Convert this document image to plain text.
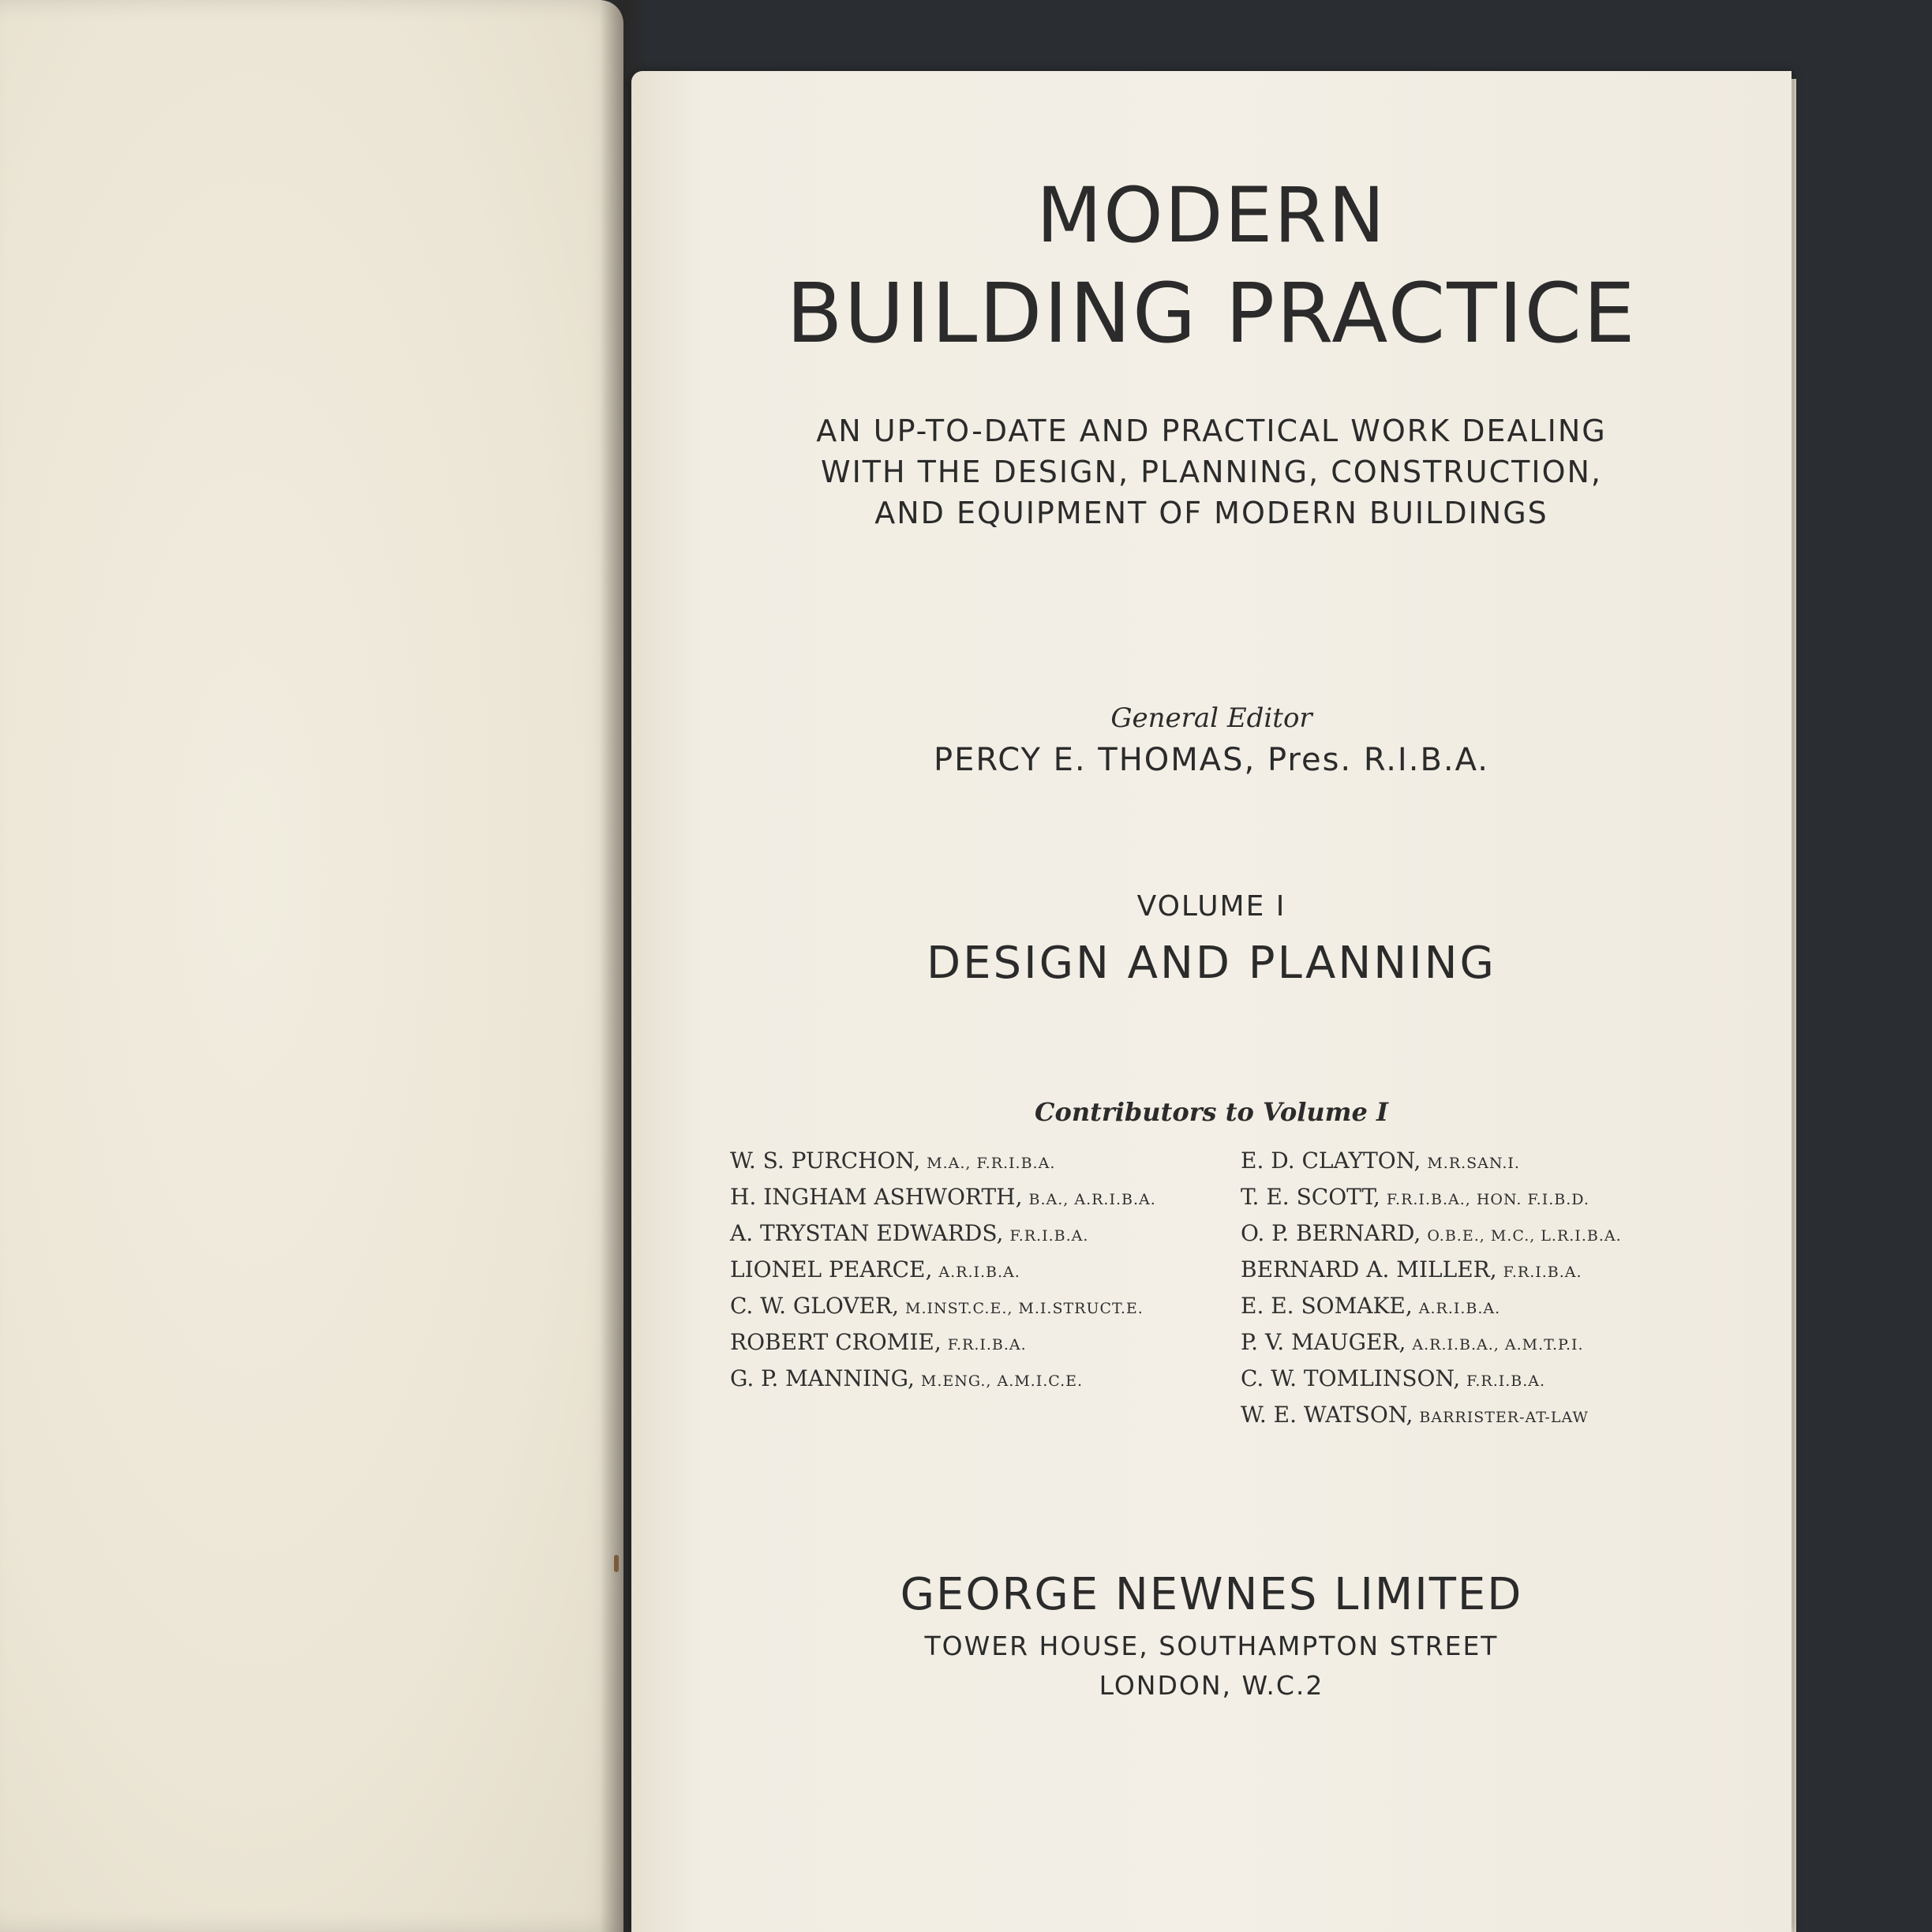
MODERN
BUILDING PRACTICE
AN UP-TO-DATE AND PRACTICAL WORK DEALING
WITH THE DESIGN, PLANNING, CONSTRUCTION,
AND EQUIPMENT OF MODERN BUILDINGS
General Editor
PERCY E. THOMAS, Pres. R.I.B.A.
VOLUME I
DESIGN AND PLANNING
Contributors to Volume I
W. S. PURCHON, M.A., F.R.I.B.A.
H. INGHAM ASHWORTH, B.A., A.R.I.B.A.
A. TRYSTAN EDWARDS, F.R.I.B.A.
LIONEL PEARCE, A.R.I.B.A.
C. W. GLOVER, M.INST.C.E., M.I.STRUCT.E.
ROBERT CROMIE, F.R.I.B.A.
G. P. MANNING, M.ENG., A.M.I.C.E.
E. D. CLAYTON, M.R.SAN.I.
T. E. SCOTT, F.R.I.B.A., HON. F.I.B.D.
O. P. BERNARD, O.B.E., M.C., L.R.I.B.A.
BERNARD A. MILLER, F.R.I.B.A.
E. E. SOMAKE, A.R.I.B.A.
P. V. MAUGER, A.R.I.B.A., A.M.T.P.I.
C. W. TOMLINSON, F.R.I.B.A.
W. E. WATSON, BARRISTER-AT-LAW
GEORGE NEWNES LIMITED
TOWER HOUSE, SOUTHAMPTON STREET
LONDON, W.C.2
